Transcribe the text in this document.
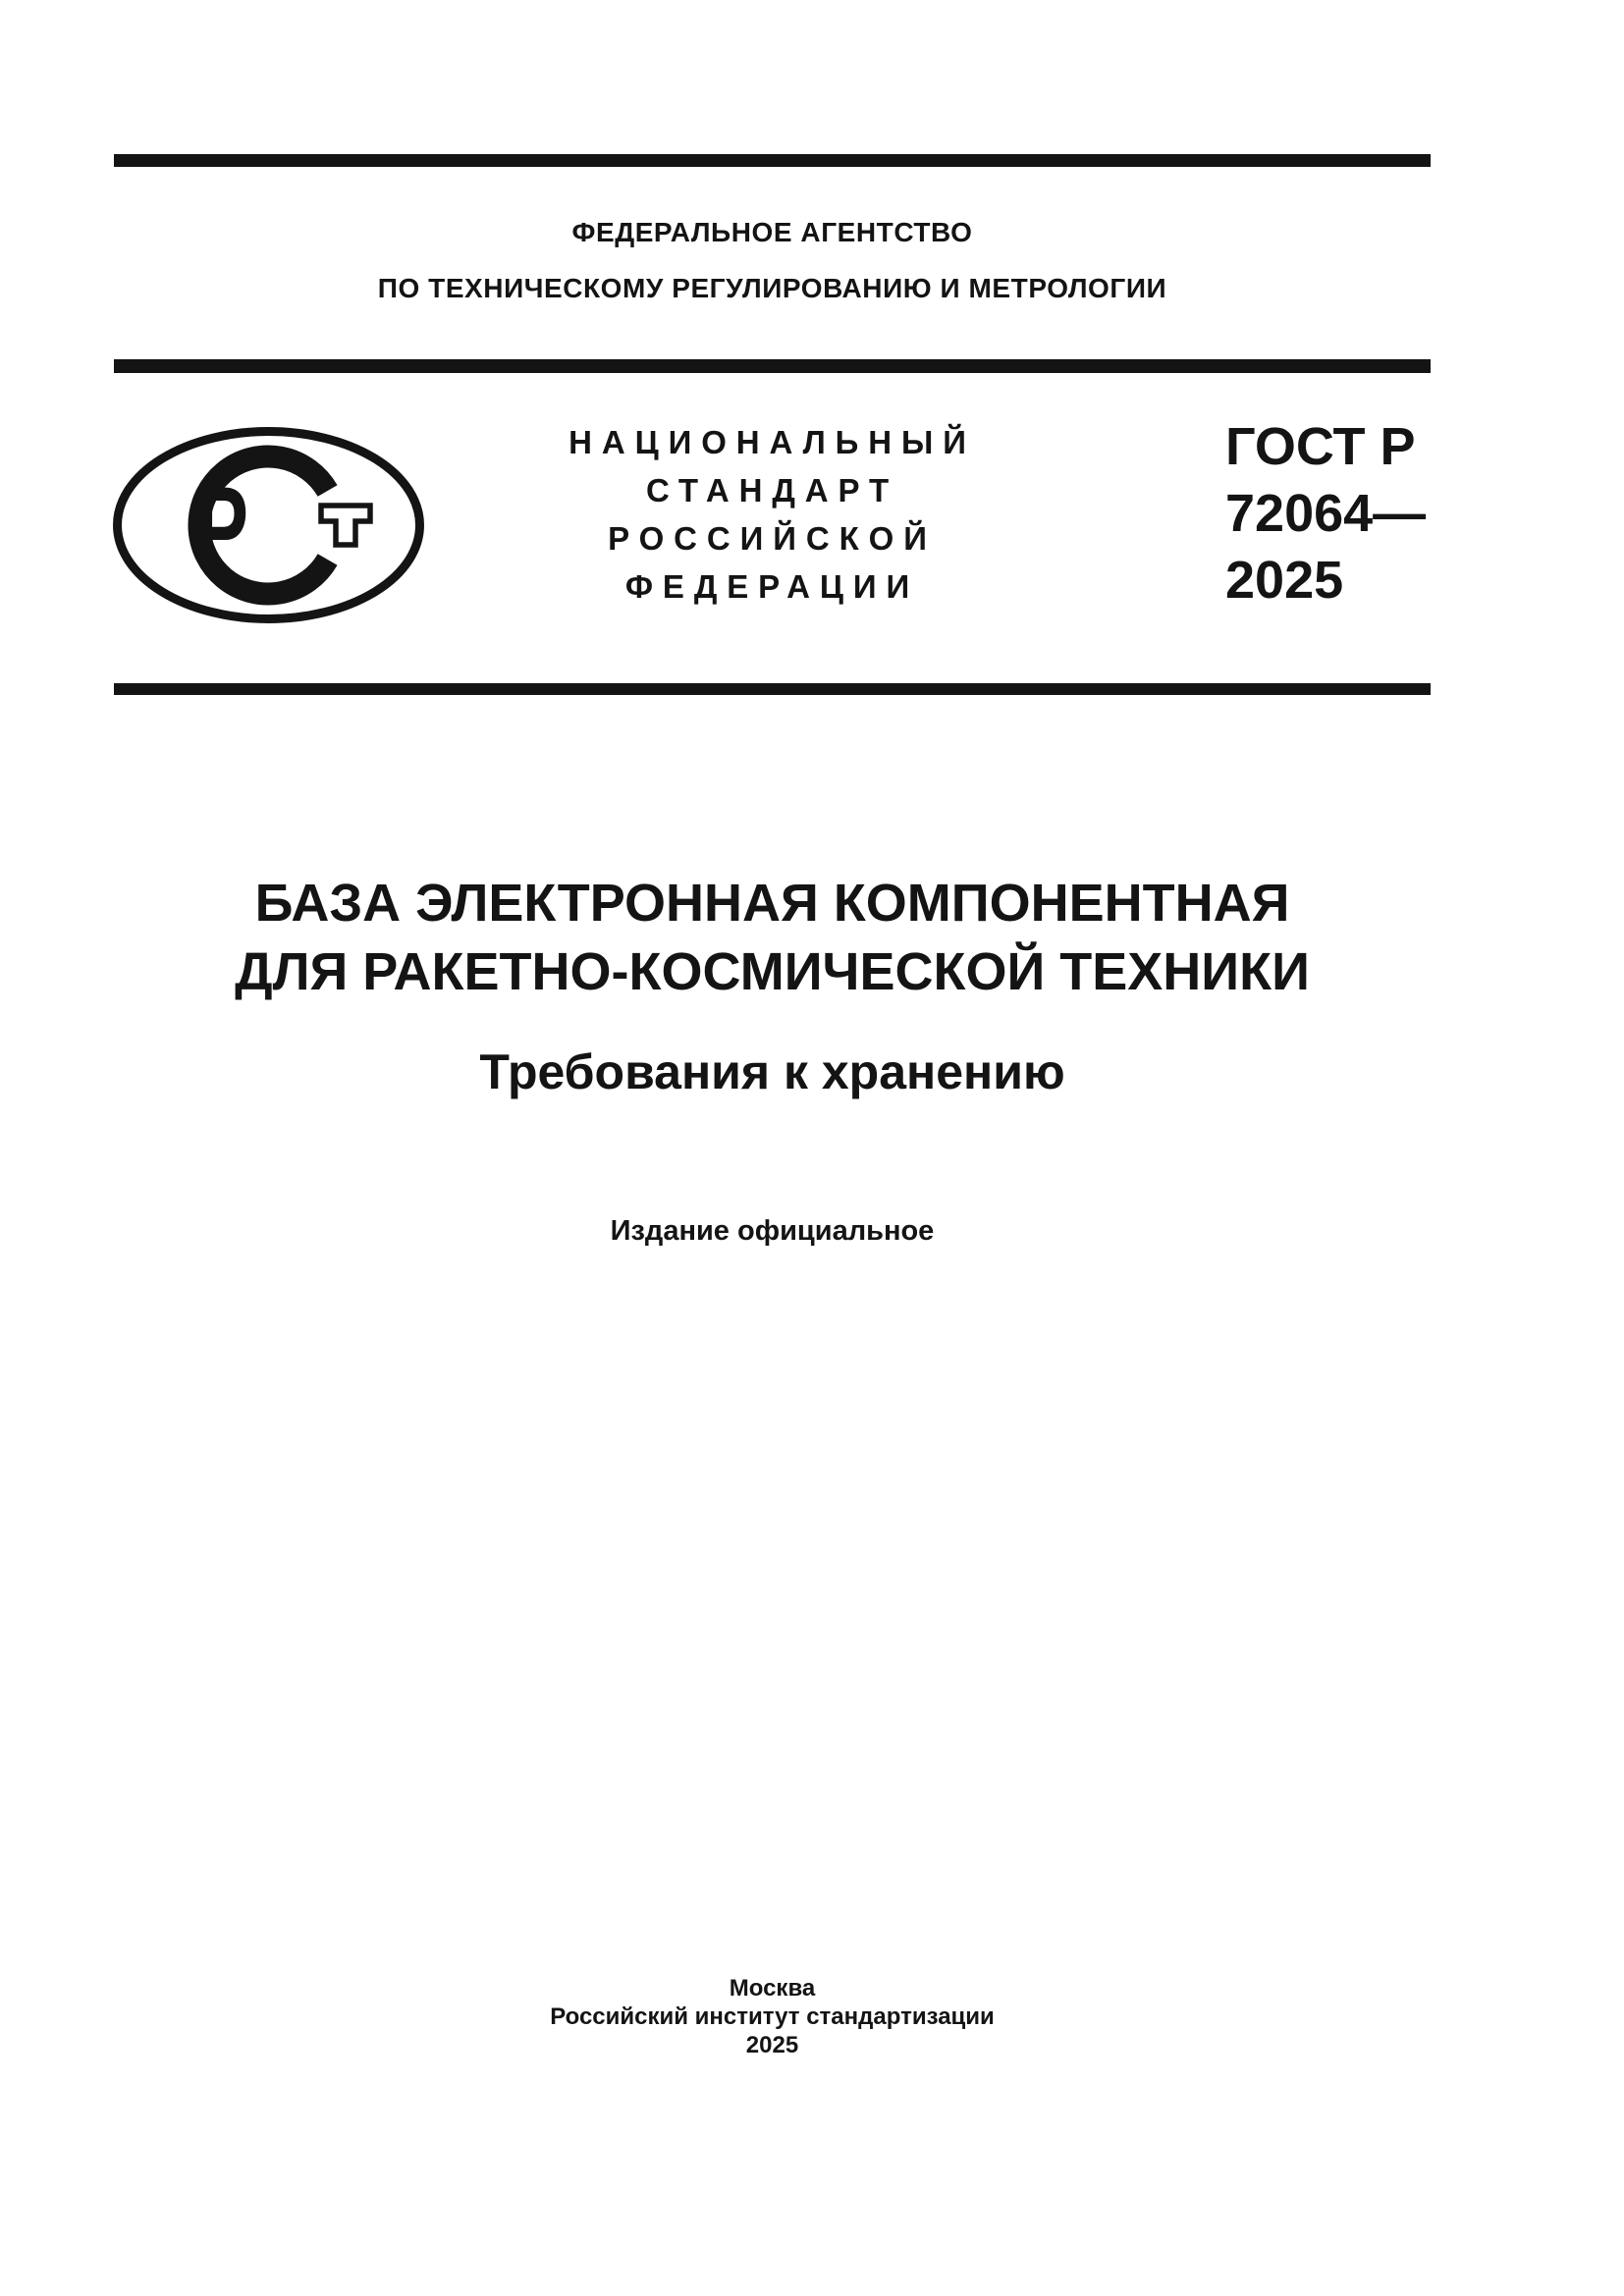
ФЕДЕРАЛЬНОЕ АГЕНТСТВО
ПО ТЕХНИЧЕСКОМУ РЕГУЛИРОВАНИЮ И МЕТРОЛОГИИ
Р
НАЦИОНАЛЬНЫЙ
СТАНДАРТ
РОССИЙСКОЙ
ФЕДЕРАЦИИ
ГОСТ Р
72064—
2025
БАЗА ЭЛЕКТРОННАЯ КОМПОНЕНТНАЯ
ДЛЯ РАКЕТНО-КОСМИЧЕСКОЙ ТЕХНИКИ
Требования к хранению
Издание официальное
Москва
Российский институт стандартизации
2025
